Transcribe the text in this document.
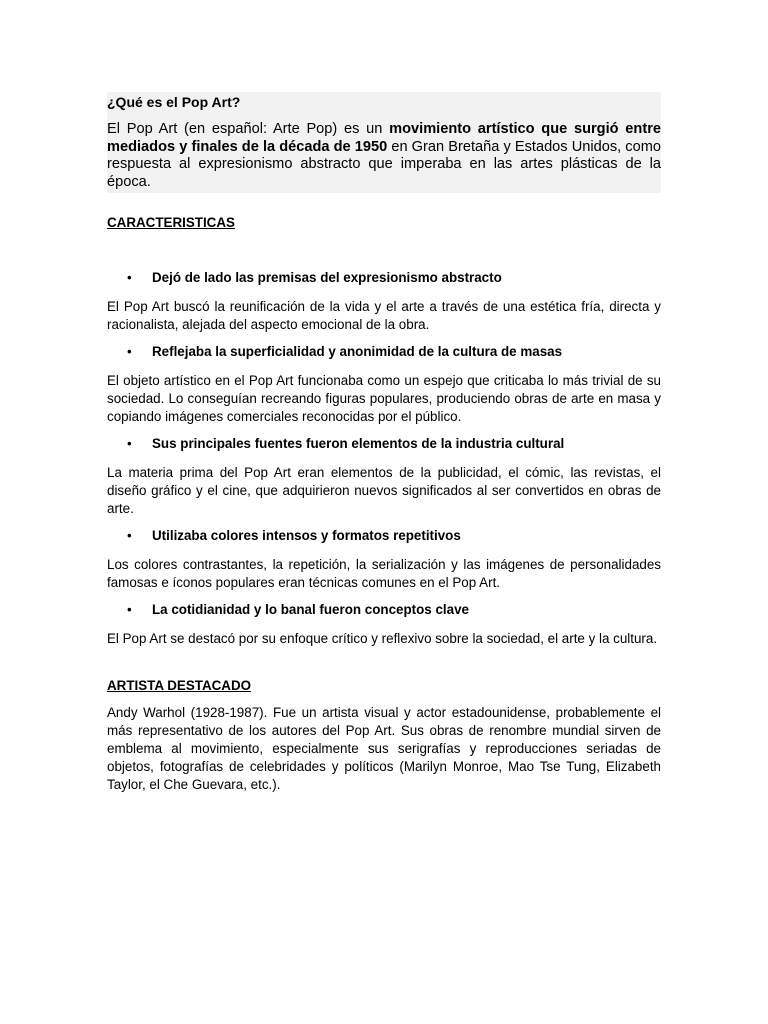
¿Qué es el Pop Art?

El Pop Art (en español: Arte Pop) es un movimiento artístico que surgió entre mediados y finales de la década de 1950 en Gran Bretaña y Estados Unidos, como respuesta al expresionismo abstracto que imperaba en las artes plásticas de la época.

CARACTERISTICAS

• Dejó de lado las premisas del expresionismo abstracto

El Pop Art buscó la reunificación de la vida y el arte a través de una estética fría, directa y racionalista, alejada del aspecto emocional de la obra.

• Reflejaba la superficialidad y anonimidad de la cultura de masas

El objeto artístico en el Pop Art funcionaba como un espejo que criticaba lo más trivial de su sociedad. Lo conseguían recreando figuras populares, produciendo obras de arte en masa y copiando imágenes comerciales reconocidas por el público.

• Sus principales fuentes fueron elementos de la industria cultural

La materia prima del Pop Art eran elementos de la publicidad, el cómic, las revistas, el diseño gráfico y el cine, que adquirieron nuevos significados al ser convertidos en obras de arte.

• Utilizaba colores intensos y formatos repetitivos

Los colores contrastantes, la repetición, la serialización y las imágenes de personalidades famosas e íconos populares eran técnicas comunes en el Pop Art.

• La cotidianidad y lo banal fueron conceptos clave

El Pop Art se destacó por su enfoque crítico y reflexivo sobre la sociedad, el arte y la cultura.

ARTISTA DESTACADO

Andy Warhol (1928-1987). Fue un artista visual y actor estadounidense, probablemente el más representativo de los autores del Pop Art. Sus obras de renombre mundial sirven de emblema al movimiento, especialmente sus serigrafías y reproducciones seriadas de objetos, fotografías de celebridades y políticos (Marilyn Monroe, Mao Tse Tung, Elizabeth Taylor, el Che Guevara, etc.).
